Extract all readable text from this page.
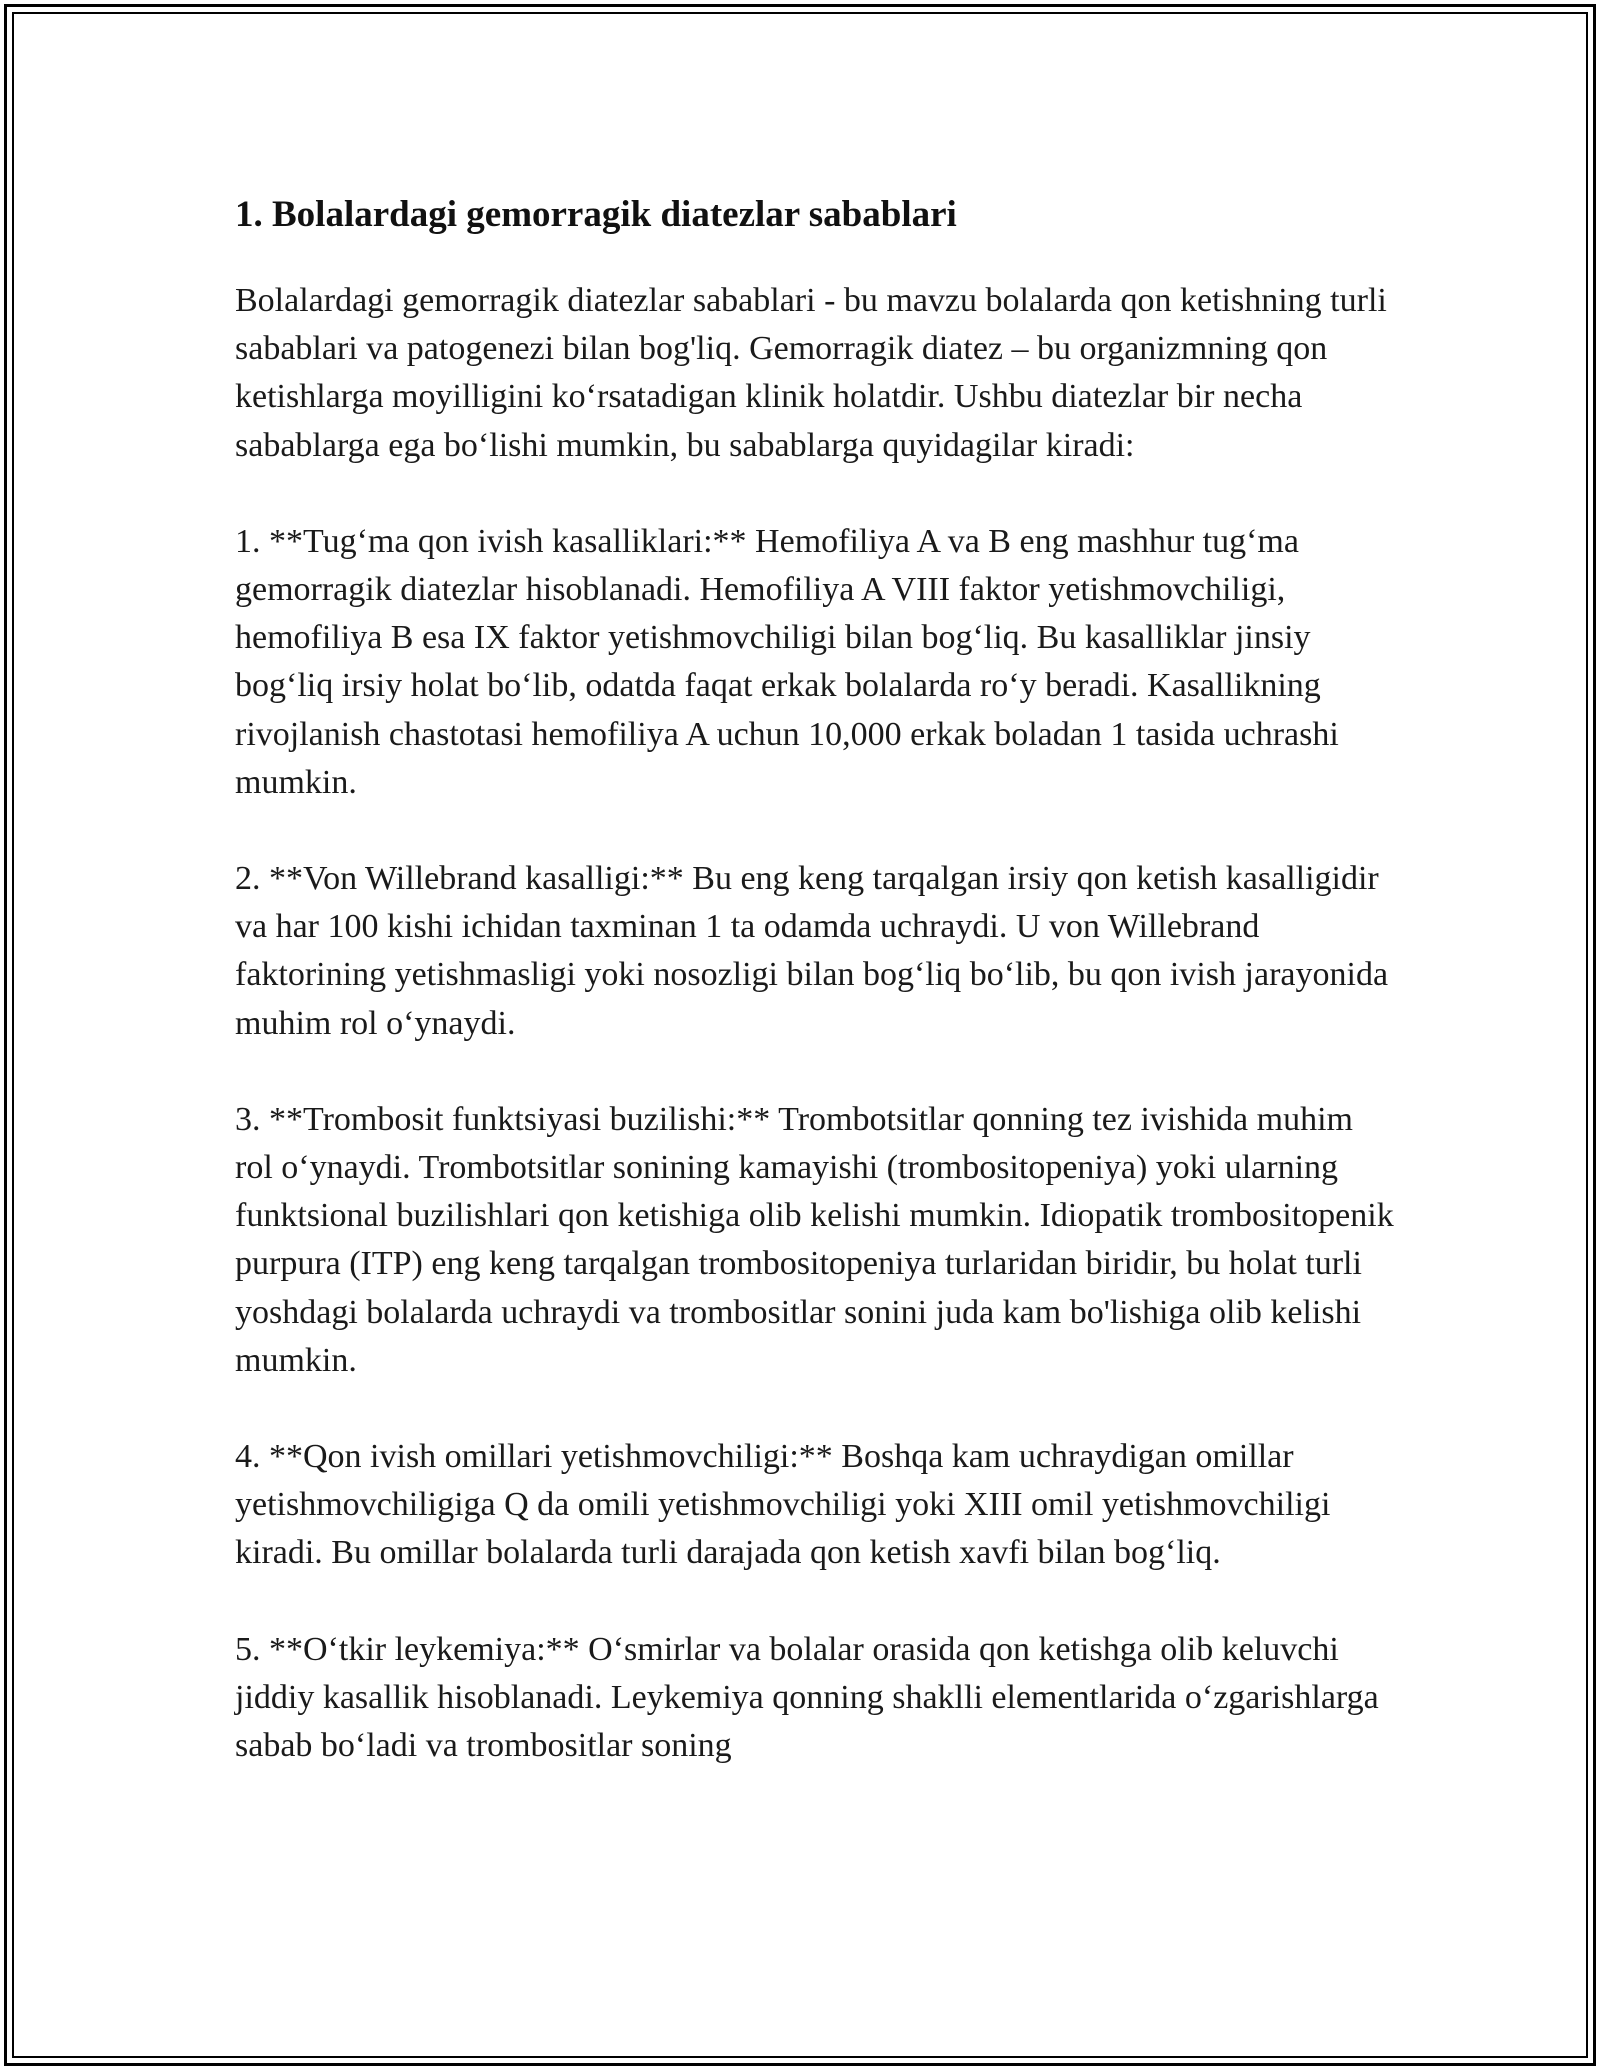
1. Bolalardagi gemorragik diatezlar sabablari

Bolalardagi gemorragik diatezlar sabablari - bu mavzu bolalarda qon ketishning turli sabablari va patogenezi bilan bog'liq. Gemorragik diatez – bu organizmning qon ketishlarga moyilligini ko‘rsatadigan klinik holatdir. Ushbu diatezlar bir necha sabablarga ega bo‘lishi mumkin, bu sabablarga quyidagilar kiradi:

1. **Tug‘ma qon ivish kasalliklari:** Hemofiliya A va B eng mashhur tug‘ma gemorragik diatezlar hisoblanadi. Hemofiliya A VIII faktor yetishmovchiligi, hemofiliya B esa IX faktor yetishmovchiligi bilan bog‘liq. Bu kasalliklar jinsiy bog‘liq irsiy holat bo‘lib, odatda faqat erkak bolalarda ro‘y beradi. Kasallikning rivojlanish chastotasi hemofiliya A uchun 10,000 erkak boladan 1 tasida uchrashi mumkin.

2. **Von Willebrand kasalligi:** Bu eng keng tarqalgan irsiy qon ketish kasalligidir va har 100 kishi ichidan taxminan 1 ta odamda uchraydi. U von Willebrand faktorining yetishmasligi yoki nosozligi bilan bog‘liq bo‘lib, bu qon ivish jarayonida muhim rol o‘ynaydi.

3. **Trombosit funktsiyasi buzilishi:** Trombotsitlar qonning tez ivishida muhim rol o‘ynaydi. Trombotsitlar sonining kamayishi (trombositopeniya) yoki ularning funktsional buzilishlari qon ketishiga olib kelishi mumkin. Idiopatik trombositopenik purpura (ITP) eng keng tarqalgan trombositopeniya turlaridan biridir, bu holat turli yoshdagi bolalarda uchraydi va trombositlar sonini juda kam bo'lishiga olib kelishi mumkin.

4. **Qon ivish omillari yetishmovchiligi:** Boshqa kam uchraydigan omillar yetishmovchiligiga Q da omili yetishmovchiligi yoki XIII omil yetishmovchiligi kiradi. Bu omillar bolalarda turli darajada qon ketish xavfi bilan bog‘liq.

5. **O‘tkir leykemiya:** O‘smirlar va bolalar orasida qon ketishga olib keluvchi jiddiy kasallik hisoblanadi. Leykemiya qonning shaklli elementlarida o‘zgarishlarga sabab bo‘ladi va trombositlar soning
